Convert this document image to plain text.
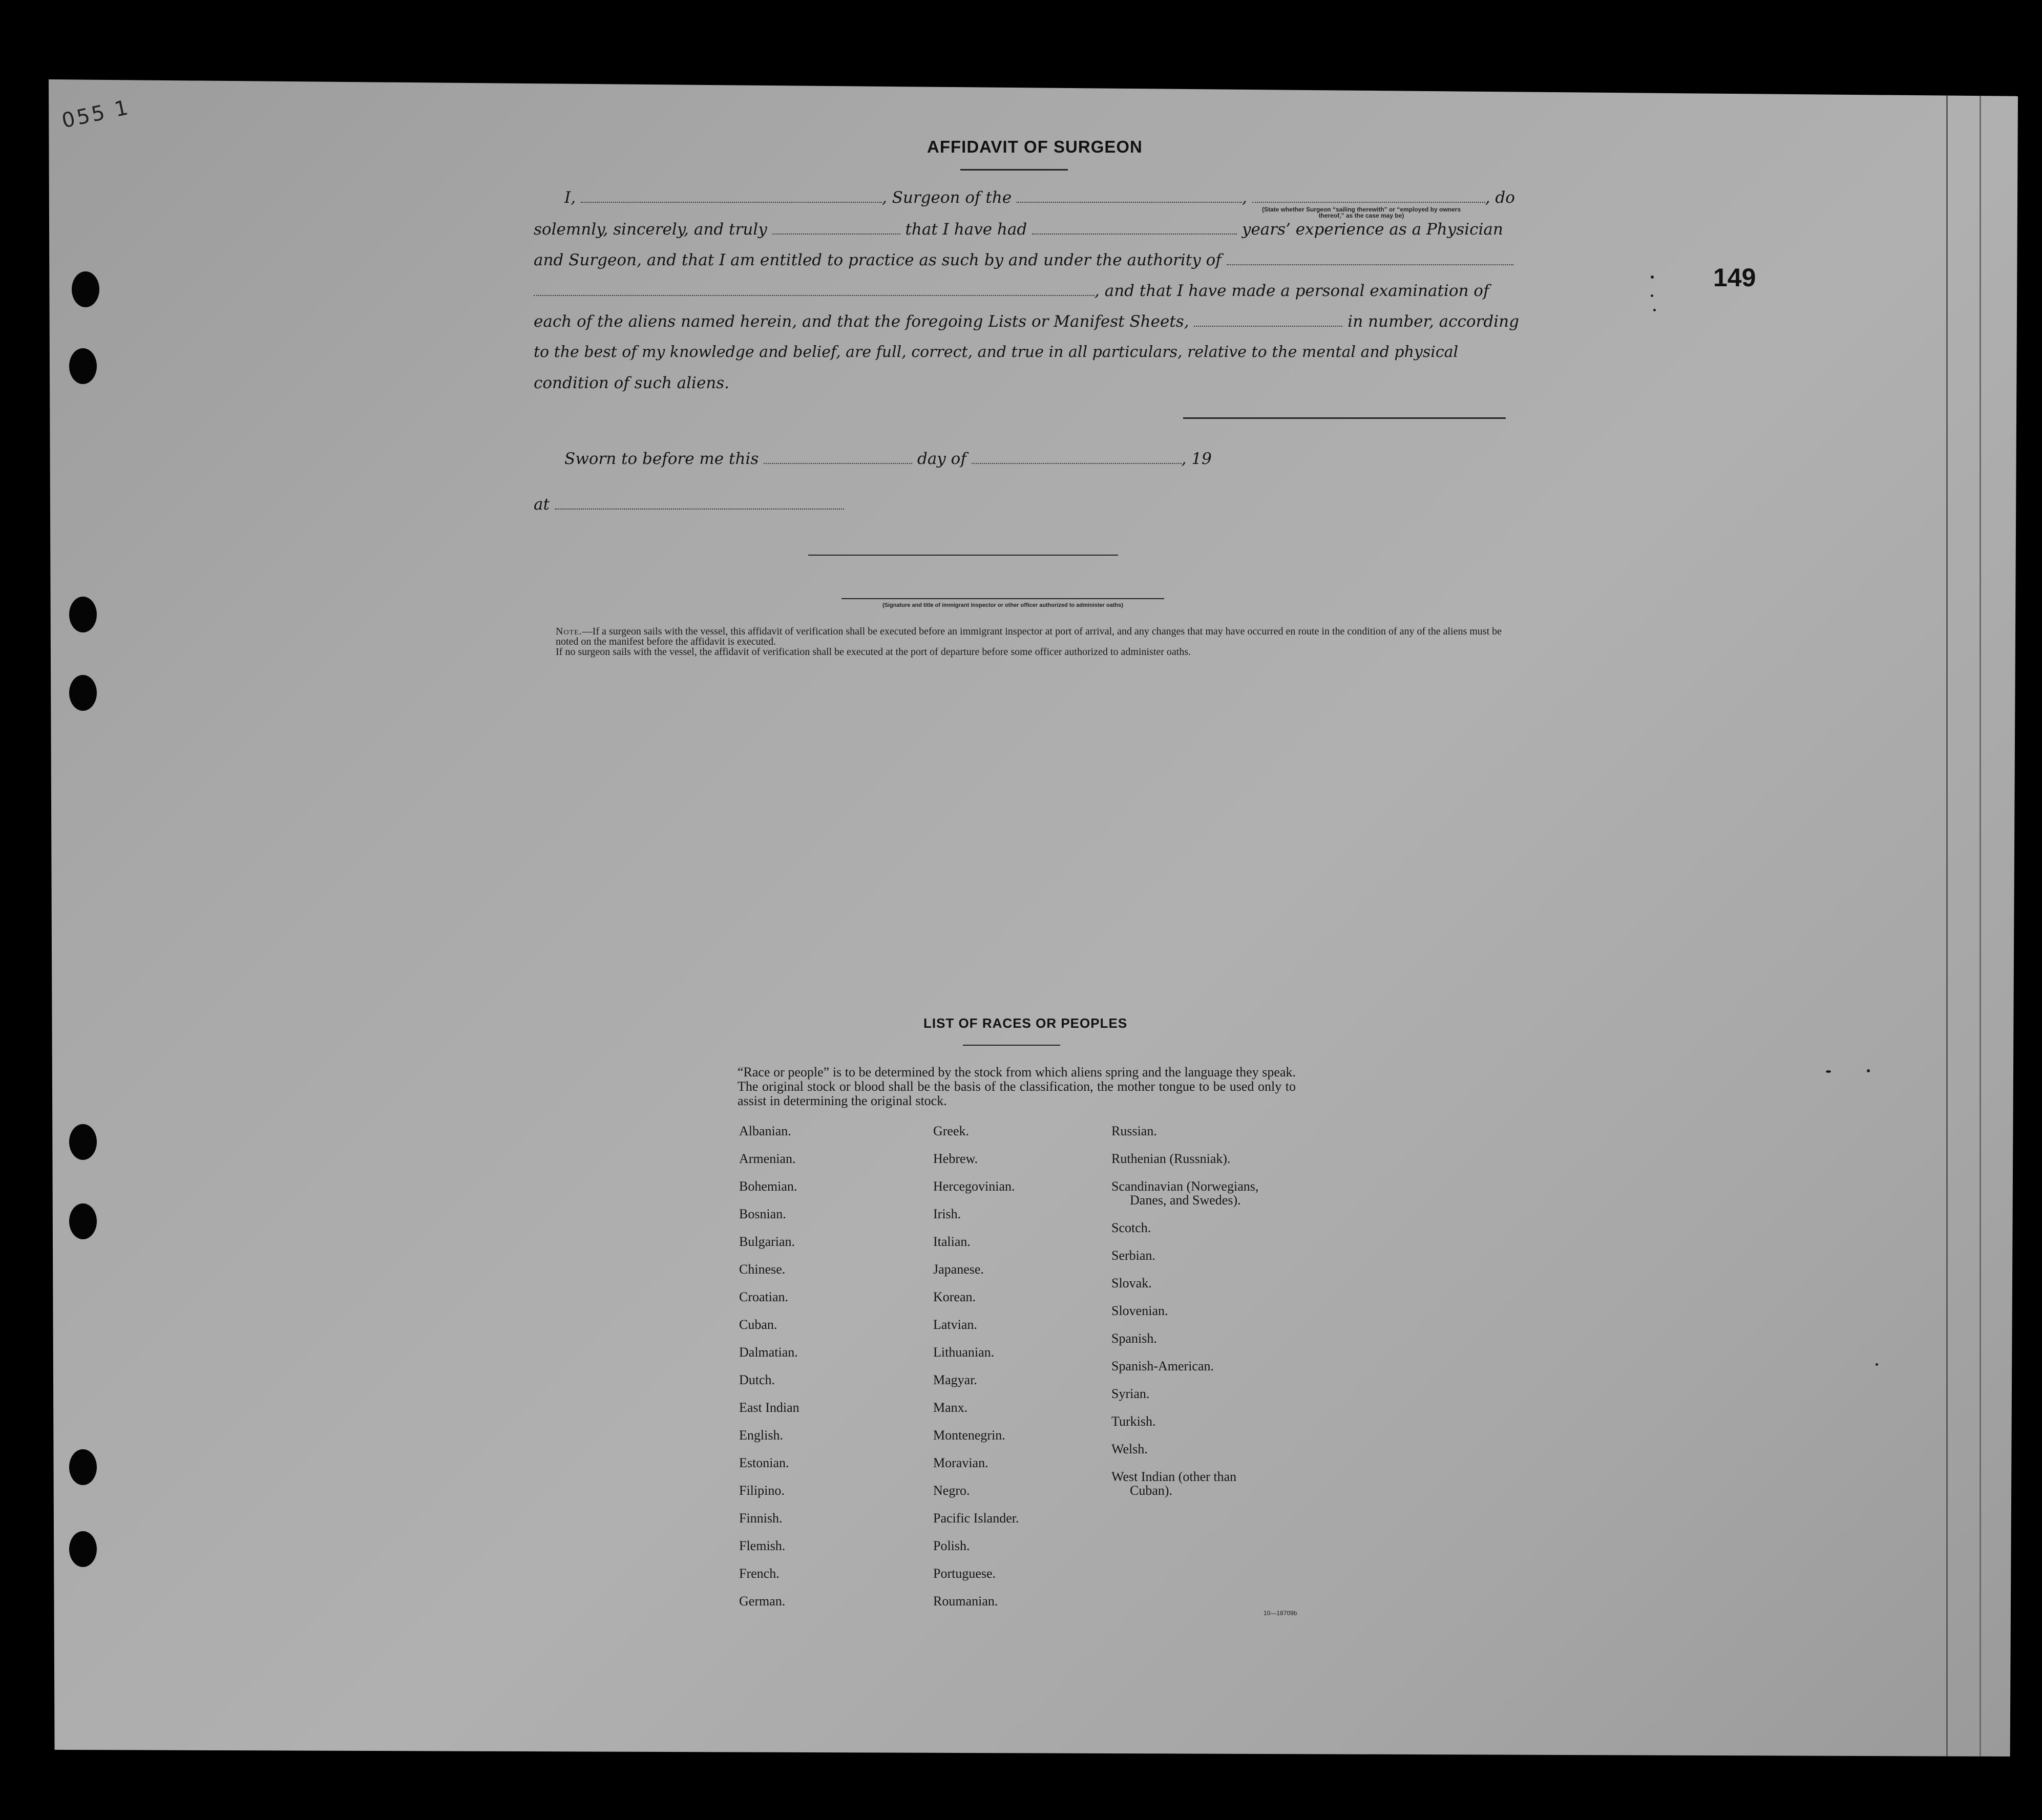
055 1
149
AFFIDAVIT OF SURGEON
I,	, Surgeon of the	,	, do
(State whether Surgeon “sailing therewith” or “employed by owners thereof,” as the case may be)
solemnly, sincerely, and truly	that I have had	years’ experience as a Physician
and Surgeon, and that I am entitled to practice as such by and under the authority of
, and that I have made a personal examination of
each of the aliens named herein, and that the foregoing Lists or Manifest Sheets,	in number, according
to the best of my knowledge and belief, are full, correct, and true in all particulars, relative to the mental and physical
condition of such aliens.
Sworn to before me this	day of	, 19
at
(Signature and title of immigrant inspector or other officer authorized to administer oaths)

Note.—If a surgeon sails with the vessel, this affidavit of verification shall be executed before an immigrant inspector at port of arrival, and any changes that may have occurred en route in the condition of any of the aliens must be noted on the manifest before the affidavit is executed.

If no surgeon sails with the vessel, the affidavit of verification shall be executed at the port of departure before some officer authorized to administer oaths.

LIST OF RACES OR PEOPLES
“Race or people” is to be determined by the stock from which aliens spring and the language they speak. The original stock or blood shall be the basis of the classification, the mother tongue to be used only to assist in determining the original stock.
Albanian.
Armenian.
Bohemian.
Bosnian.
Bulgarian.
Chinese.
Croatian.
Cuban.
Dalmatian.
Dutch.
East Indian
English.
Estonian.
Filipino.
Finnish.
Flemish.
French.
German.
Greek.
Hebrew.
Hercegovinian.
Irish.
Italian.
Japanese.
Korean.
Latvian.
Lithuanian.
Magyar.
Manx.
Montenegrin.
Moravian.
Negro.
Pacific Islander.
Polish.
Portuguese.
Roumanian.
Russian.
Ruthenian (Russniak).
Scandinavian (Norwegians,
Danes, and Swedes).
Scotch.
Serbian.
Slovak.
Slovenian.
Spanish.
Spanish-American.
Syrian.
Turkish.
Welsh.
West Indian (other than
Cuban).
10—18709b
